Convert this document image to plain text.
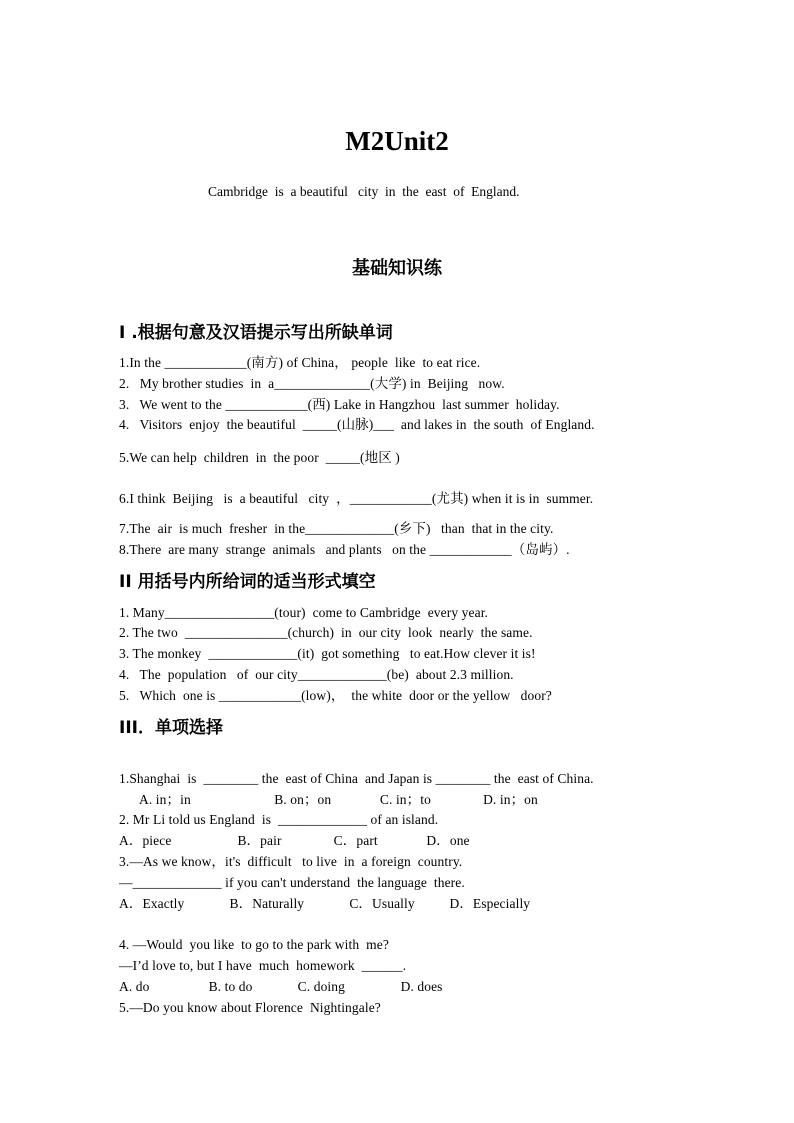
M2Unit2
Cambridge  is  a beautiful   city  in  the  east  of  England.
基础知识练
I .根据句意及汉语提示写出所缺单词
1.In the ____________(南方) of China， people  like  to eat rice.
2.   My brother studies  in  a______________(大学) in  Beijing   now.
3.   We went to the ____________(西) Lake in Hangzhou  last summer  holiday.
4.   Visitors  enjoy  the beautiful  _____(山脉)___  and lakes in  the south  of England.
5.We can help  children  in  the poor  _____(地区 )
6.I think  Beijing   is  a beautiful   city  ，____________(尤其) when it is in  summer.
7.The  air  is much  fresher  in the_____________(乡下)   than  that in the city.
8.There  are many  strange  animals   and plants   on the ____________（岛屿）.
II 用括号内所给词的适当形式填空
1. Many________________(tour)  come to Cambridge  every year.
2. The two  _______________(church)  in  our city  look  nearly  the same.
3. The monkey  _____________(it)  got something   to eat.How clever it is!
4.   The  population   of  our city_____________(be)  about 2.3 million.
5.   Which  one is ____________(low)，  the white  door or the yellow   door?
III．单项选择
1.Shanghai  is  ________ the  east of China  and Japan is ________ the  east of China.
A. in；in                        B. on；on              C. in；to               D. in；on
2. Mr Li told us England  is  _____________ of an island.
A．piece                   B．pair               C．part              D．one
3.—As we know，it's  difficult   to live  in  a foreign  country.
—_____________ if you can't understand  the language  there.
A．Exactly             B．Naturally             C．Usually          D．Especially
4. —Would  you like  to go to the park with  me?
—I’d love to, but I have  much  homework  ______.
A. do                 B. to do             C. doing                D. does
5.—Do you know about Florence  Nightingale?
